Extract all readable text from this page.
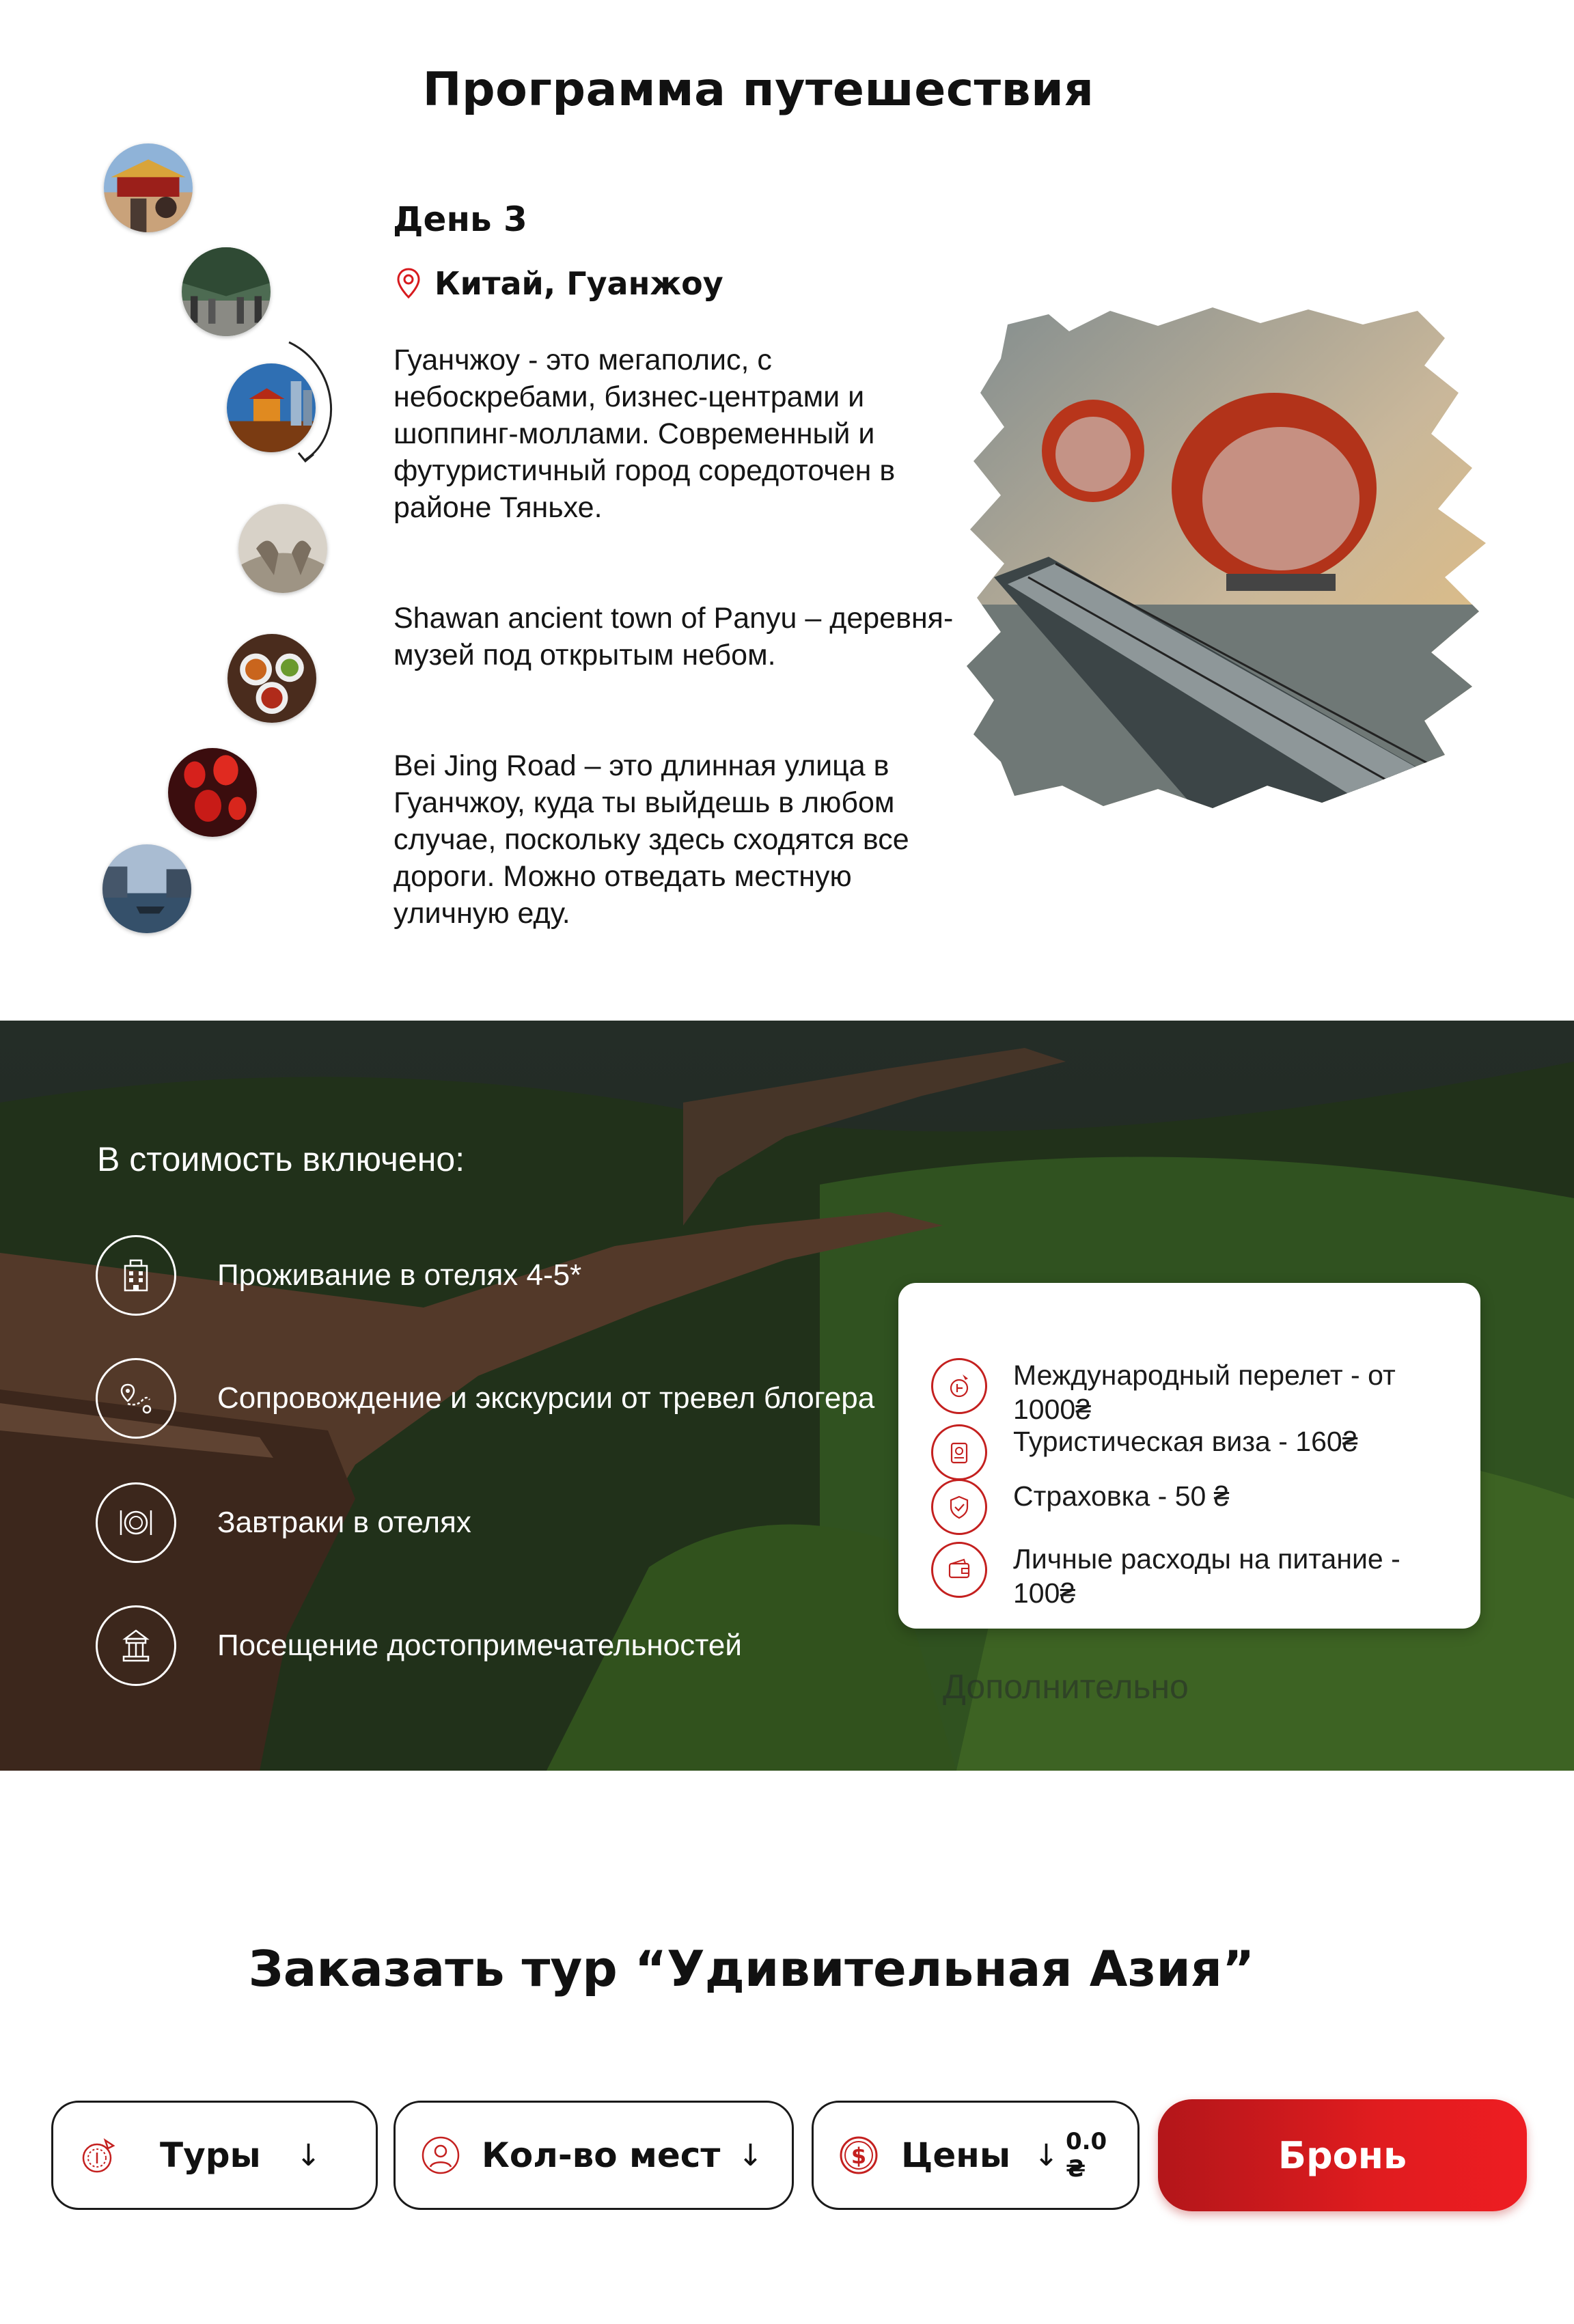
Программа путешествия
День 3
Китай, Гуанжоу
Гуанчжоу - это мегаполис, с небоскребами, бизнес-центрами и шоппинг-моллами. Современный и футуристичный город соредоточен в районе Тяньхе.
Shawan ancient town of Panyu – деревня-музей под открытым небом.
Bei Jing Road – это длинная улица в Гуанчжоу, куда ты выйдешь в любом случае, поскольку здесь сходятся все дороги. Можно отведать местную уличную еду.
В стоимость включено:
Проживание в отелях 4-5*
Сопровождение и экскурсии от тревел блогера
Завтраки в отелях
Посещение достопримечательностей
Дополнительно
Международный перелет - от 1000₴
Туристическая виза - 160₴
Страховка - 50 ₴
Личные расходы на питание - 100₴
Заказать тур “Удивительная Азия”
Туры ↓	Кол-во мест ↓	$ Цены ↓ 0.0 ₴	Бронь
